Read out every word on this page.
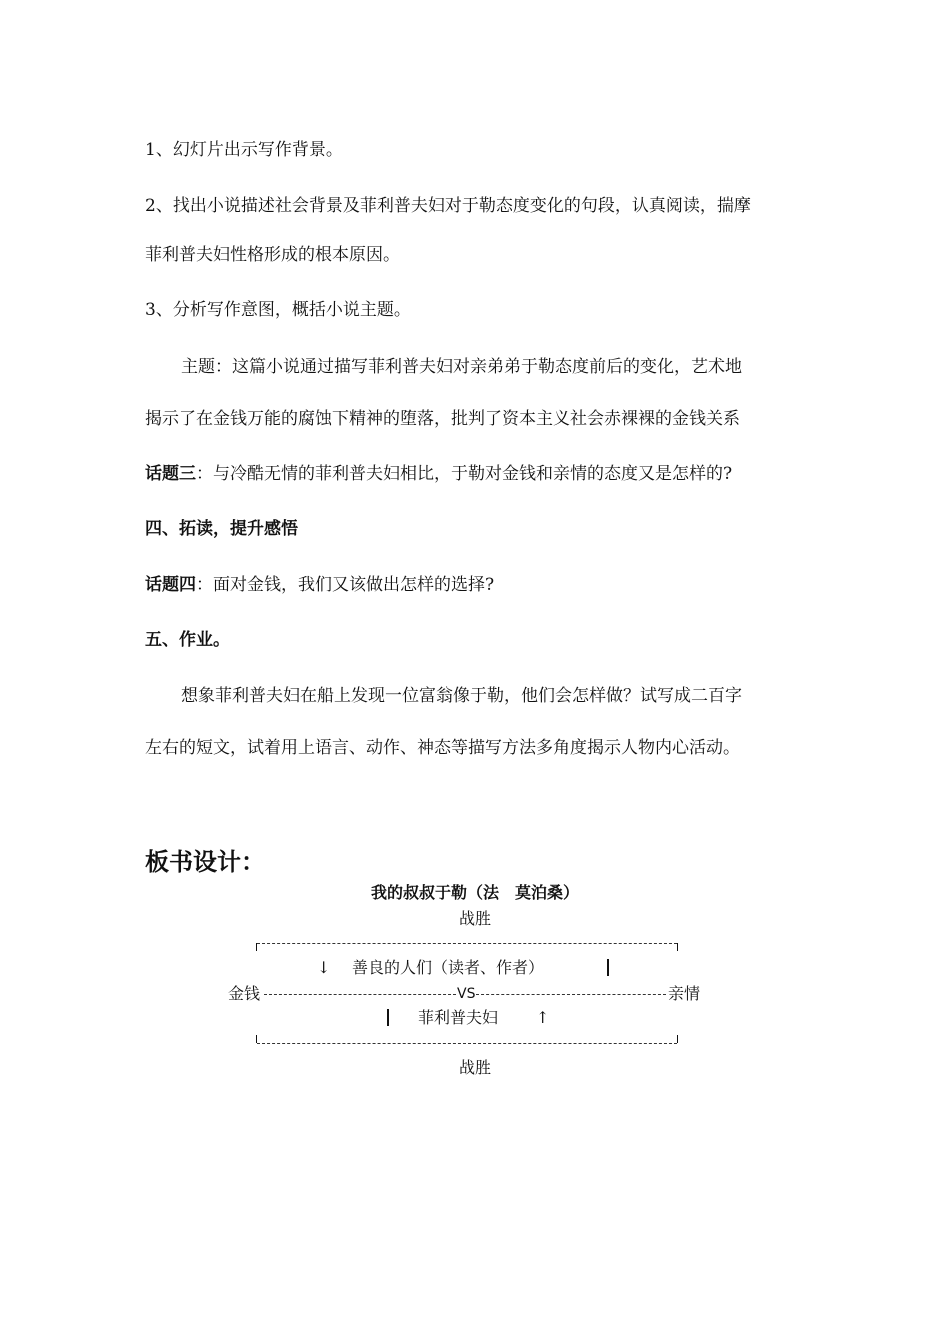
1、幻灯片出示写作背景。
2、找出小说描述社会背景及菲利普夫妇对于勒态度变化的句段，认真阅读，揣摩
菲利普夫妇性格形成的根本原因。
3、分析写作意图，概括小说主题。
主题：这篇小说通过描写菲利普夫妇对亲弟弟于勒态度前后的变化，艺术地
揭示了在金钱万能的腐蚀下精神的堕落，批判了资本主义社会赤裸裸的金钱关系
话题三：与冷酷无情的菲利普夫妇相比，于勒对金钱和亲情的态度又是怎样的?
四、拓读，提升感悟
话题四：面对金钱，我们又该做出怎样的选择?
五、作业。
想象菲利普夫妇在船上发现一位富翁像于勒，他们会怎样做？试写成二百字
左右的短文，试着用上语言、动作、神态等描写方法多角度揭示人物内心活动。
板书设计：
我的叔叔于勒（法　莫泊桑）
战胜
↓ 善良的人们（读者、作者）
金钱	VS	亲情
菲利普夫妇 ↑
战胜
